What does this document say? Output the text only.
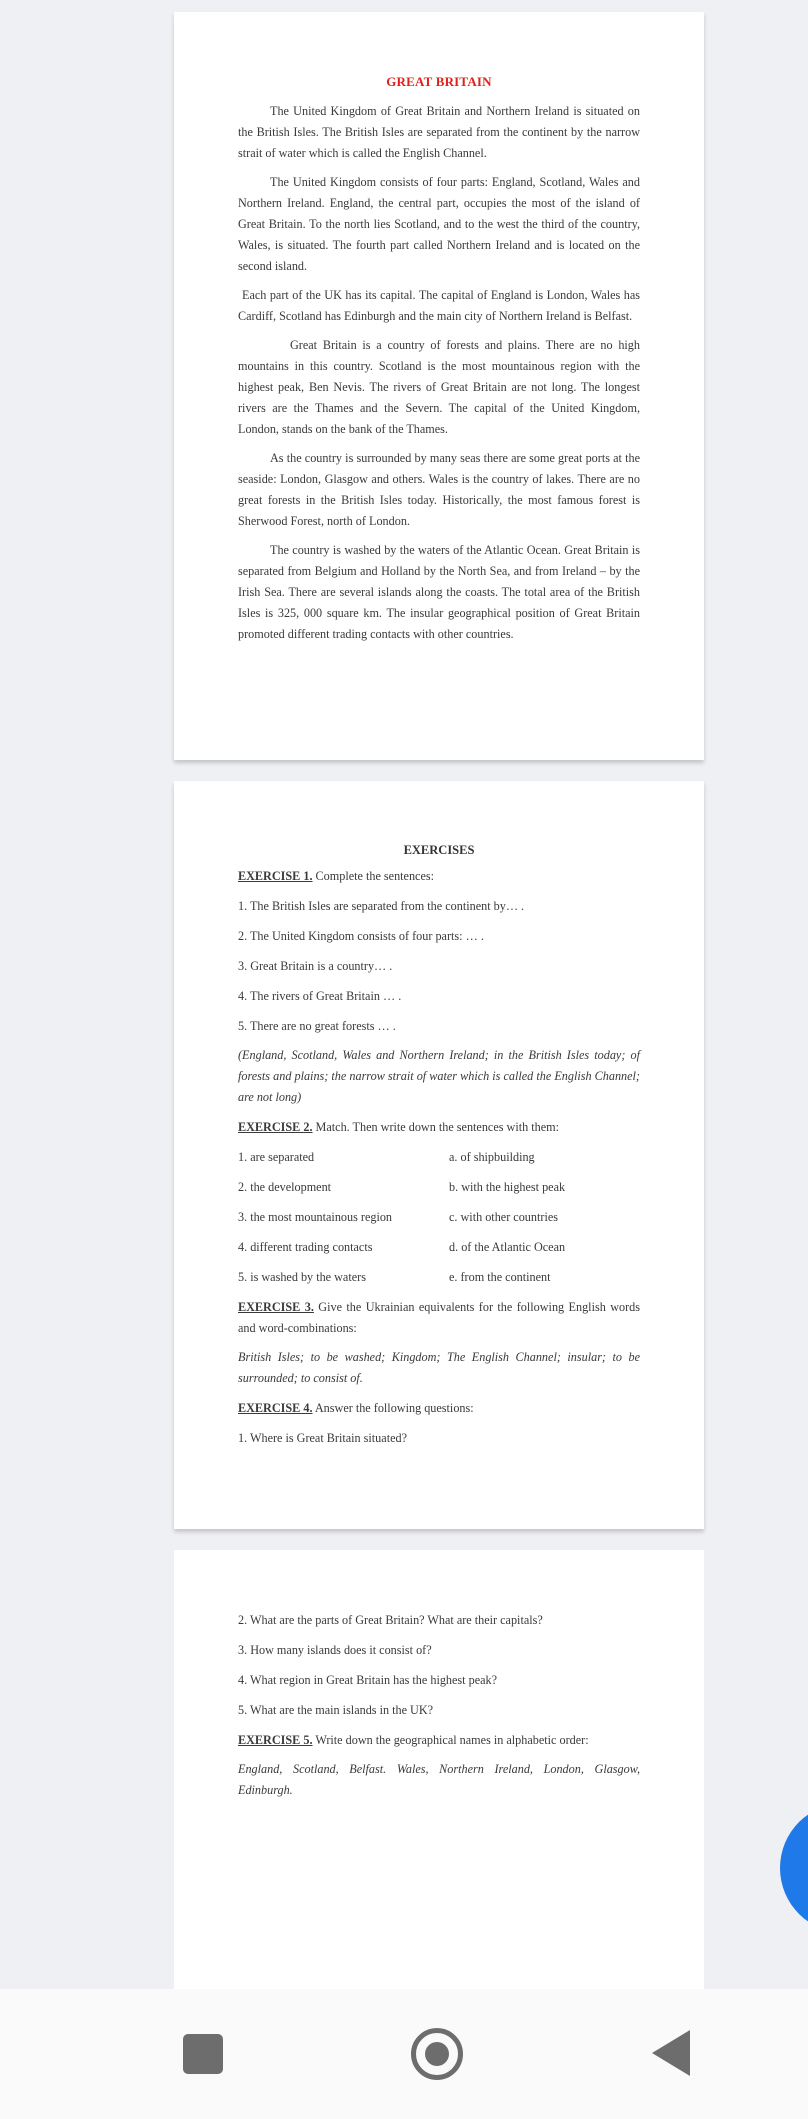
GREAT BRITAIN

The United Kingdom of Great Britain and Northern Ireland is situated on the British Isles. The British Isles are separated from the continent by the narrow strait of water which is called the English Channel.

The United Kingdom consists of four parts: England, Scotland, Wales and Northern Ireland. England, the central part, occupies the most of the island of Great Britain. To the north lies Scotland, and to the west the third of the country, Wales, is situated. The fourth part called Northern Ireland and is located on the second island.

Each part of the UK has its capital. The capital of England is London, Wales has Cardiff, Scotland has Edinburgh and the main city of Northern Ireland is Belfast.

Great Britain is a country of forests and plains. There are no high mountains in this country. Scotland is the most mountainous region with the highest peak, Ben Nevis. The rivers of Great Britain are not long. The longest rivers are the Thames and the Severn. The capital of the United Kingdom, London, stands on the bank of the Thames.

As the country is surrounded by many seas there are some great ports at the seaside: London, Glasgow and others. Wales is the country of lakes. There are no great forests in the British Isles today. Historically, the most famous forest is Sherwood Forest, north of London.

The country is washed by the waters of the Atlantic Ocean. Great Britain is separated from Belgium and Holland by the North Sea, and from Ireland – by the Irish Sea. There are several islands along the coasts. The total area of the British Isles is 325, 000 square km. The insular geographical position of Great Britain promoted different trading contacts with other countries.

EXERCISES

EXERCISE 1. Complete the sentences:

1. The British Isles are separated from the continent by… .

2. The United Kingdom consists of four parts: … .

3. Great Britain is a country… .

4. The rivers of Great Britain … .

5. There are no great forests … .

(England, Scotland, Wales and Northern Ireland; in the British Isles today; of forests and plains; the narrow strait of water which is called the English Channel; are not long)

EXERCISE 2. Match. Then write down the sentences with them:

1. are separated	a. of shipbuilding
2. the development	b. with the highest peak
3. the most mountainous region	c. with other countries
4. different trading contacts	d. of the Atlantic Ocean
5. is washed by the waters	e. from the continent

EXERCISE 3. Give the Ukrainian equivalents for the following English words and word-combinations:

British Isles; to be washed; Kingdom; The English Channel; insular; to be surrounded; to consist of.

EXERCISE 4. Answer the following questions:

1. Where is Great Britain situated?

2. What are the parts of Great Britain? What are their capitals?

3. How many islands does it consist of?

4. What region in Great Britain has the highest peak?

5. What are the main islands in the UK?

EXERCISE 5. Write down the geographical names in alphabetic order:

England, Scotland, Belfast. Wales, Northern Ireland, London, Glasgow, Edinburgh.
